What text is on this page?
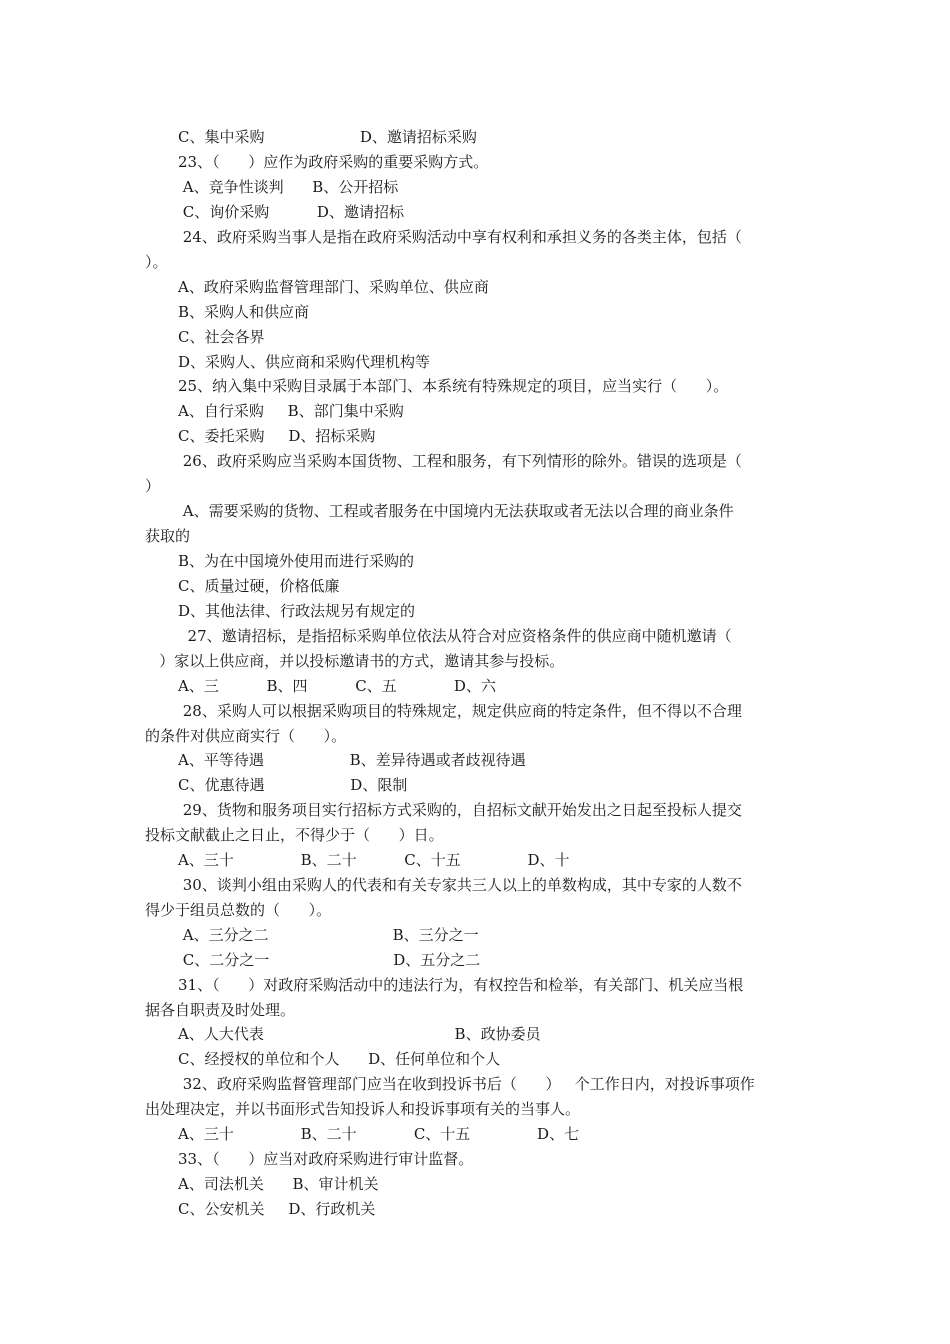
C、集中采购                    D、邀请招标采购
23、（      ）应作为政府采购的重要采购方式。
A、竞争性谈判      B、公开招标
C、询价采购          D、邀请招标
24、政府采购当事人是指在政府采购活动中享有权利和承担义务的各类主体，包括（
）。
A、政府采购监督管理部门、采购单位、供应商
B、采购人和供应商
C、社会各界
D、采购人、供应商和采购代理机构等
25、纳入集中采购目录属于本部门、本系统有特殊规定的项目，应当实行（      ）。
A、自行采购     B、部门集中采购
C、委托采购     D、招标采购
26、政府采购应当采购本国货物、工程和服务，有下列情形的除外。错误的选项是（
）
A、需要采购的货物、工程或者服务在中国境内无法获取或者无法以合理的商业条件
获取的
B、为在中国境外使用而进行采购的
C、质量过硬，价格低廉
D、其他法律、行政法规另有规定的
27、邀请招标，是指招标采购单位依法从符合对应资格条件的供应商中随机邀请（
）家以上供应商，并以投标邀请书的方式，邀请其参与投标。
A、三          B、四          C、五            D、六
28、采购人可以根据采购项目的特殊规定，规定供应商的特定条件，但不得以不合理
的条件对供应商实行（      ）。
A、平等待遇                  B、差异待遇或者歧视待遇
C、优惠待遇                  D、限制
29、货物和服务项目实行招标方式采购的，自招标文献开始发出之日起至投标人提交
投标文献截止之日止，不得少于（      ）日。
A、三十              B、二十          C、十五              D、十
30、谈判小组由采购人的代表和有关专家共三人以上的单数构成，其中专家的人数不
得少于组员总数的（      ）。
A、三分之二                          B、三分之一
C、二分之一                          D、五分之二
31、（      ）对政府采购活动中的违法行为，有权控告和检举，有关部门、机关应当根
据各自职责及时处理。
A、人大代表                                        B、政协委员
C、经授权的单位和个人      D、任何单位和个人
32、政府采购监督管理部门应当在收到投诉书后（      ）   个工作日内，对投诉事项作
出处理决定，并以书面形式告知投诉人和投诉事项有关的当事人。
A、三十              B、二十            C、十五              D、七
33、（      ）应当对政府采购进行审计监督。
A、司法机关      B、审计机关
C、公安机关     D、行政机关
